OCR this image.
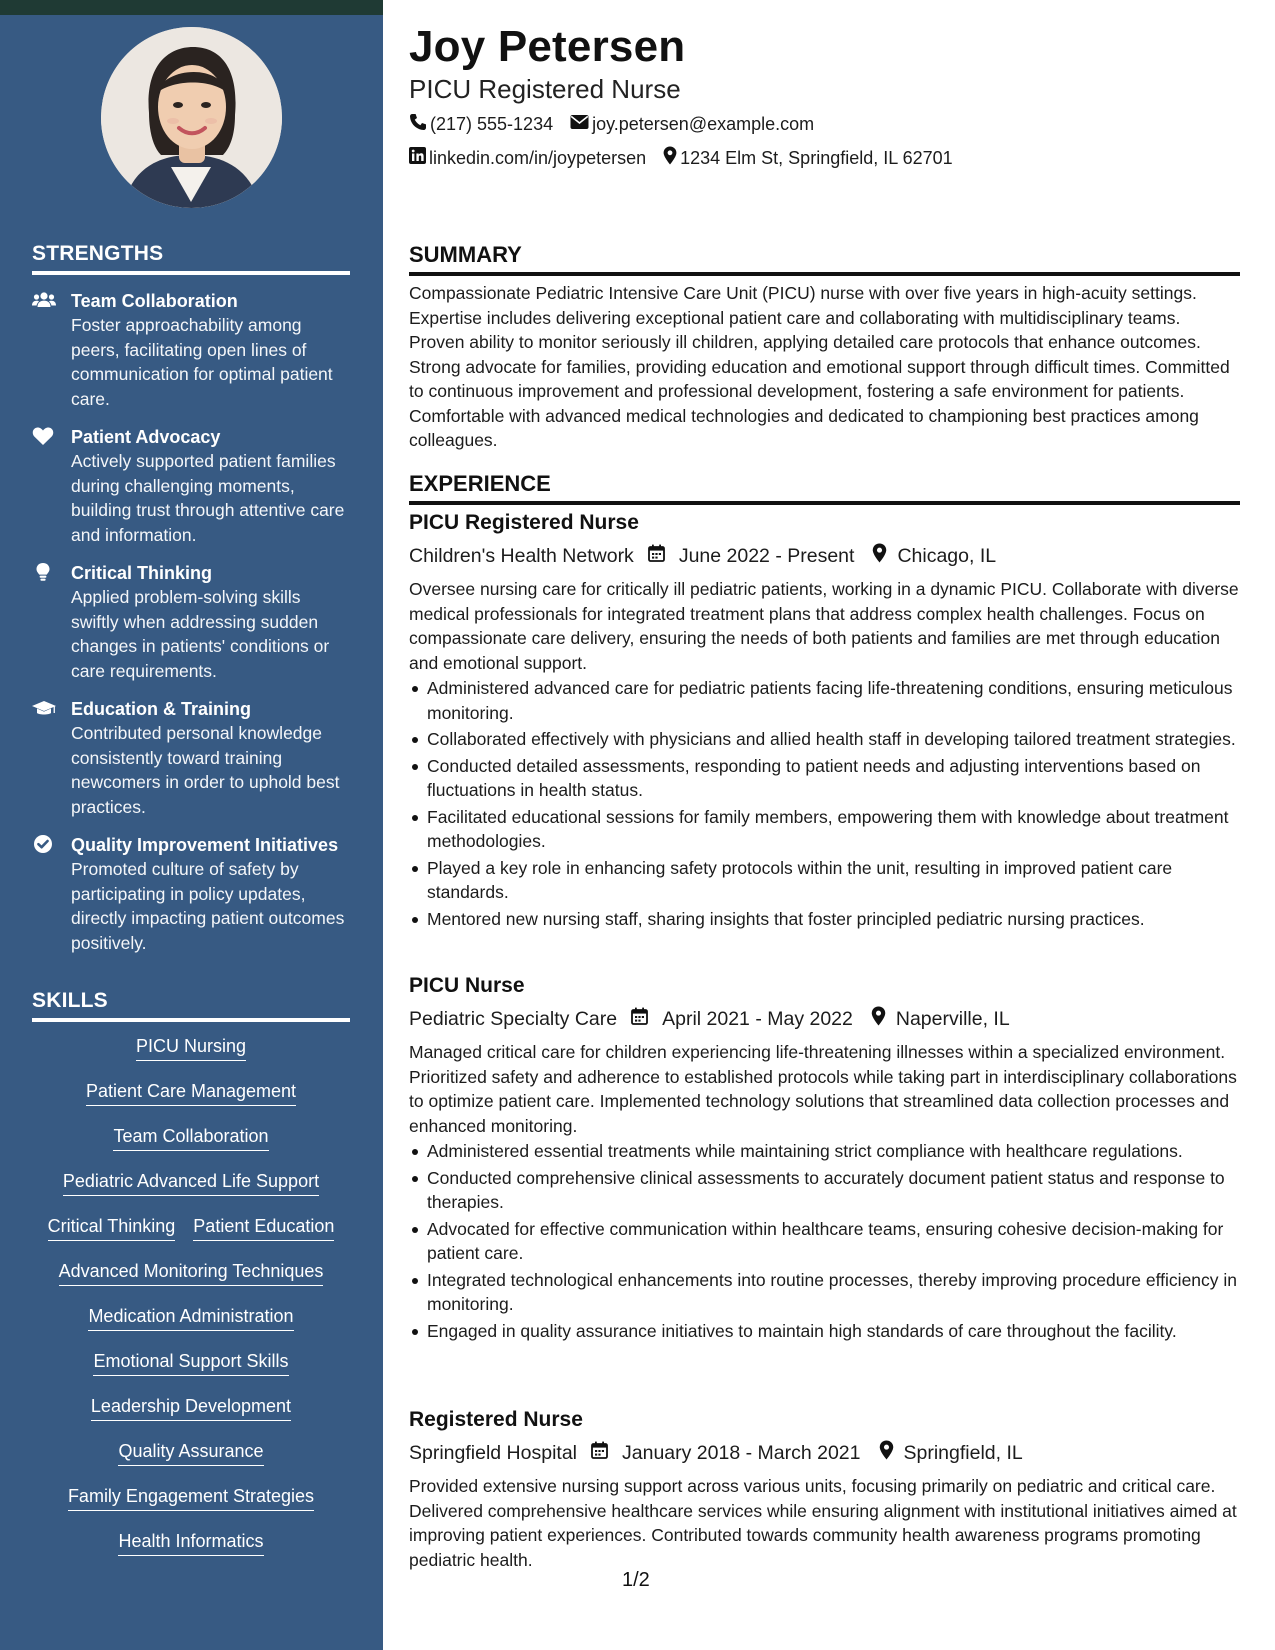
STRENGTHS
Team Collaboration
Foster approachability among peers, facilitating open lines of communication for optimal patient care.
Patient Advocacy
Actively supported patient families during challenging moments, building trust through attentive care and information.
Critical Thinking
Applied problem-solving skills swiftly when addressing sudden changes in patients' conditions or care requirements.
Education & Training
Contributed personal knowledge consistently toward training newcomers in order to uphold best practices.
Quality Improvement Initiatives
Promoted culture of safety by participating in policy updates, directly impacting patient outcomes positively.
SKILLS
PICU Nursing
Patient Care Management
Team Collaboration
Pediatric Advanced Life Support
Critical Thinking Patient Education
Advanced Monitoring Techniques
Medication Administration
Emotional Support Skills
Leadership Development
Quality Assurance
Family Engagement Strategies
Health Informatics
Joy Petersen
PICU Registered Nurse
(217) 555-1234 joy.petersen@example.com
linkedin.com/in/joypetersen 1234 Elm St, Springfield, IL 62701
SUMMARY
Compassionate Pediatric Intensive Care Unit (PICU) nurse with over five years in high-acuity settings. Expertise includes delivering exceptional patient care and collaborating with multidisciplinary teams. Proven ability to monitor seriously ill children, applying detailed care protocols that enhance outcomes. Strong advocate for families, providing education and emotional support through difficult times. Committed to continuous improvement and professional development, fostering a safe environment for patients. Comfortable with advanced medical technologies and dedicated to championing best practices among colleagues.
EXPERIENCE
PICU Registered Nurse
Children's Health Network June 2022 - Present Chicago, IL
Oversee nursing care for critically ill pediatric patients, working in a dynamic PICU. Collaborate with diverse medical professionals for integrated treatment plans that address complex health challenges. Focus on compassionate care delivery, ensuring the needs of both patients and families are met through education and emotional support.
Administered advanced care for pediatric patients facing life-threatening conditions, ensuring meticulous monitoring.
Collaborated effectively with physicians and allied health staff in developing tailored treatment strategies.
Conducted detailed assessments, responding to patient needs and adjusting interventions based on fluctuations in health status.
Facilitated educational sessions for family members, empowering them with knowledge about treatment methodologies.
Played a key role in enhancing safety protocols within the unit, resulting in improved patient care standards.
Mentored new nursing staff, sharing insights that foster principled pediatric nursing practices.
PICU Nurse
Pediatric Specialty Care April 2021 - May 2022 Naperville, IL
Managed critical care for children experiencing life-threatening illnesses within a specialized environment. Prioritized safety and adherence to established protocols while taking part in interdisciplinary collaborations to optimize patient care. Implemented technology solutions that streamlined data collection processes and enhanced monitoring.
Administered essential treatments while maintaining strict compliance with healthcare regulations.
Conducted comprehensive clinical assessments to accurately document patient status and response to therapies.
Advocated for effective communication within healthcare teams, ensuring cohesive decision-making for patient care.
Integrated technological enhancements into routine processes, thereby improving procedure efficiency in monitoring.
Engaged in quality assurance initiatives to maintain high standards of care throughout the facility.
Registered Nurse
Springfield Hospital January 2018 - March 2021 Springfield, IL
Provided extensive nursing support across various units, focusing primarily on pediatric and critical care. Delivered comprehensive healthcare services while ensuring alignment with institutional initiatives aimed at improving patient experiences. Contributed towards community health awareness programs promoting pediatric health.
1/2
